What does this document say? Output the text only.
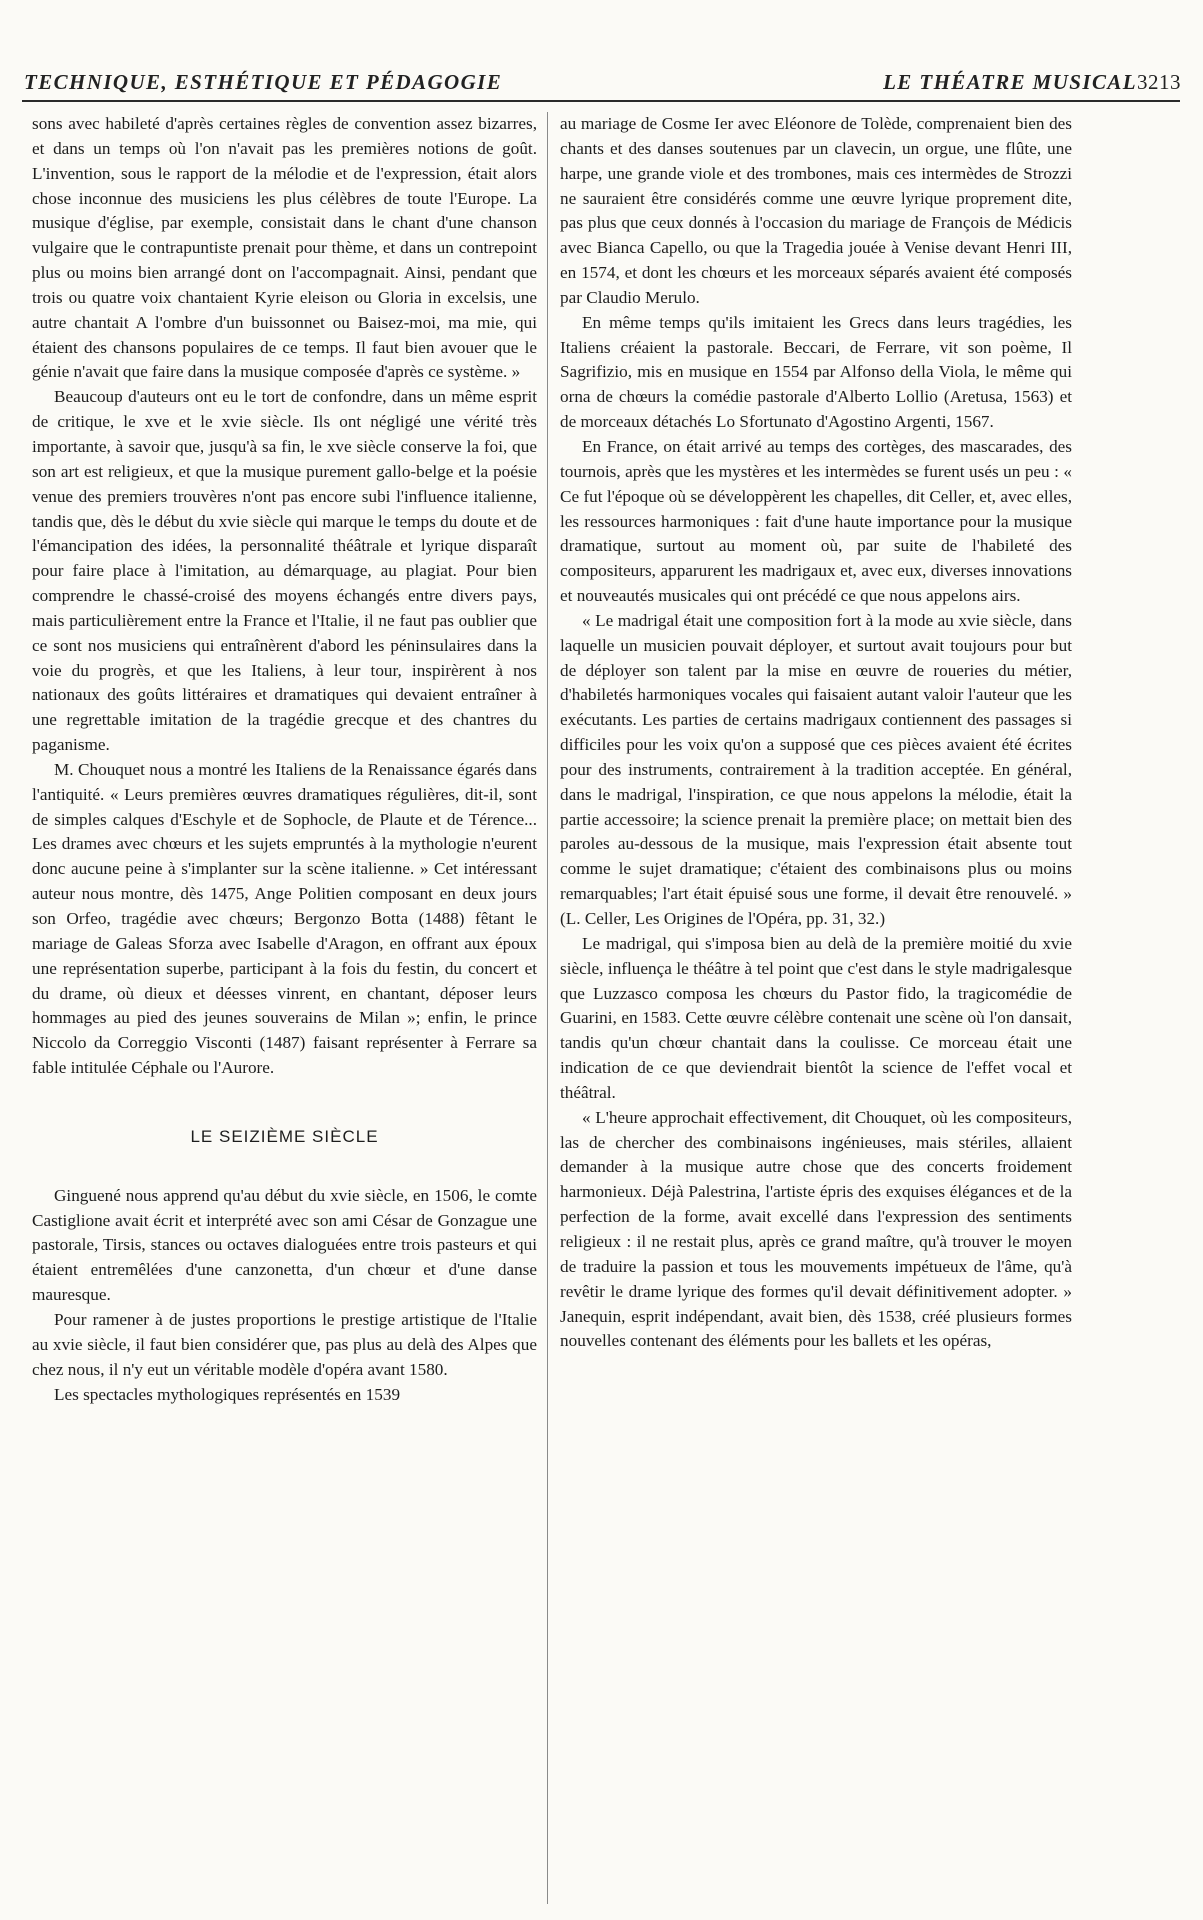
TECHNIQUE, ESTHÉTIQUE ET PÉDAGOGIE	LE THÉATRE MUSICAL 3213

sons avec habileté d'après certaines règles de convention assez bizarres, et dans un temps où l'on n'avait pas les premières notions de goût. L'invention, sous le rapport de la mélodie et de l'expression, était alors chose inconnue des musiciens les plus célèbres de toute l'Europe. La musique d'église, par exemple, consistait dans le chant d'une chanson vulgaire que le contrapuntiste prenait pour thème, et dans un contrepoint plus ou moins bien arrangé dont on l'accompagnait. Ainsi, pendant que trois ou quatre voix chantaient Kyrie eleison ou Gloria in excelsis, une autre chantait A l'ombre d'un buissonnet ou Baisez-moi, ma mie, qui étaient des chansons populaires de ce temps. Il faut bien avouer que le génie n'avait que faire dans la musique composée d'après ce système. »

Beaucoup d'auteurs ont eu le tort de confondre, dans un même esprit de critique, le xve et le xvie siècle. Ils ont négligé une vérité très importante, à savoir que, jusqu'à sa fin, le xve siècle conserve la foi, que son art est religieux, et que la musique purement gallo-belge et la poésie venue des premiers trouvères n'ont pas encore subi l'influence italienne, tandis que, dès le début du xvie siècle qui marque le temps du doute et de l'émancipation des idées, la personnalité théâtrale et lyrique disparaît pour faire place à l'imitation, au démarquage, au plagiat. Pour bien comprendre le chassé-croisé des moyens échangés entre divers pays, mais particulièrement entre la France et l'Italie, il ne faut pas oublier que ce sont nos musiciens qui entraînèrent d'abord les péninsulaires dans la voie du progrès, et que les Italiens, à leur tour, inspirèrent à nos nationaux des goûts littéraires et dramatiques qui devaient entraîner à une regrettable imitation de la tragédie grecque et des chantres du paganisme.

M. Chouquet nous a montré les Italiens de la Renaissance égarés dans l'antiquité. « Leurs premières œuvres dramatiques régulières, dit-il, sont de simples calques d'Eschyle et de Sophocle, de Plaute et de Térence... Les drames avec chœurs et les sujets empruntés à la mythologie n'eurent donc aucune peine à s'implanter sur la scène italienne. » Cet intéressant auteur nous montre, dès 1475, Ange Politien composant en deux jours son Orfeo, tragédie avec chœurs; Bergonzo Botta (1488) fêtant le mariage de Galeas Sforza avec Isabelle d'Aragon, en offrant aux époux une représentation superbe, participant à la fois du festin, du concert et du drame, où dieux et déesses vinrent, en chantant, déposer leurs hommages au pied des jeunes souverains de Milan »; enfin, le prince Niccolo da Correggio Visconti (1487) faisant représenter à Ferrare sa fable intitulée Céphale ou l'Aurore.

LE SEIZIÈME SIÈCLE

Ginguené nous apprend qu'au début du xvie siècle, en 1506, le comte Castiglione avait écrit et interprété avec son ami César de Gonzague une pastorale, Tirsis, stances ou octaves dialoguées entre trois pasteurs et qui étaient entremêlées d'une canzonetta, d'un chœur et d'une danse mauresque.

Pour ramener à de justes proportions le prestige artistique de l'Italie au xvie siècle, il faut bien considérer que, pas plus au delà des Alpes que chez nous, il n'y eut un véritable modèle d'opéra avant 1580.

Les spectacles mythologiques représentés en 1539

au mariage de Cosme Ier avec Eléonore de Tolède, comprenaient bien des chants et des danses soutenues par un clavecin, un orgue, une flûte, une harpe, une grande viole et des trombones, mais ces intermèdes de Strozzi ne sauraient être considérés comme une œuvre lyrique proprement dite, pas plus que ceux donnés à l'occasion du mariage de François de Médicis avec Bianca Capello, ou que la Tragedia jouée à Venise devant Henri III, en 1574, et dont les chœurs et les morceaux séparés avaient été composés par Claudio Merulo.

En même temps qu'ils imitaient les Grecs dans leurs tragédies, les Italiens créaient la pastorale. Beccari, de Ferrare, vit son poème, Il Sagrifizio, mis en musique en 1554 par Alfonso della Viola, le même qui orna de chœurs la comédie pastorale d'Alberto Lollio (Aretusa, 1563) et de morceaux détachés Lo Sfortunato d'Agostino Argenti, 1567.

En France, on était arrivé au temps des cortèges, des mascarades, des tournois, après que les mystères et les intermèdes se furent usés un peu : « Ce fut l'époque où se développèrent les chapelles, dit Celler, et, avec elles, les ressources harmoniques : fait d'une haute importance pour la musique dramatique, surtout au moment où, par suite de l'habileté des compositeurs, apparurent les madrigaux et, avec eux, diverses innovations et nouveautés musicales qui ont précédé ce que nous appelons airs.

« Le madrigal était une composition fort à la mode au xvie siècle, dans laquelle un musicien pouvait déployer, et surtout avait toujours pour but de déployer son talent par la mise en œuvre de roueries du métier, d'habiletés harmoniques vocales qui faisaient autant valoir l'auteur que les exécutants. Les parties de certains madrigaux contiennent des passages si difficiles pour les voix qu'on a supposé que ces pièces avaient été écrites pour des instruments, contrairement à la tradition acceptée. En général, dans le madrigal, l'inspiration, ce que nous appelons la mélodie, était la partie accessoire; la science prenait la première place; on mettait bien des paroles au-dessous de la musique, mais l'expression était absente tout comme le sujet dramatique; c'étaient des combinaisons plus ou moins remarquables; l'art était épuisé sous une forme, il devait être renouvelé. » (L. Celler, Les Origines de l'Opéra, pp. 31, 32.)

Le madrigal, qui s'imposa bien au delà de la première moitié du xvie siècle, influença le théâtre à tel point que c'est dans le style madrigalesque que Luzzasco composa les chœurs du Pastor fido, la tragicomédie de Guarini, en 1583. Cette œuvre célèbre contenait une scène où l'on dansait, tandis qu'un chœur chantait dans la coulisse. Ce morceau était une indication de ce que deviendrait bientôt la science de l'effet vocal et théâtral.

« L'heure approchait effectivement, dit Chouquet, où les compositeurs, las de chercher des combinaisons ingénieuses, mais stériles, allaient demander à la musique autre chose que des concerts froidement harmonieux. Déjà Palestrina, l'artiste épris des exquises élégances et de la perfection de la forme, avait excellé dans l'expression des sentiments religieux : il ne restait plus, après ce grand maître, qu'à trouver le moyen de traduire la passion et tous les mouvements impétueux de l'âme, qu'à revêtir le drame lyrique des formes qu'il devait définitivement adopter. » Janequin, esprit indépendant, avait bien, dès 1538, créé plusieurs formes nouvelles contenant des éléments pour les ballets et les opéras,
